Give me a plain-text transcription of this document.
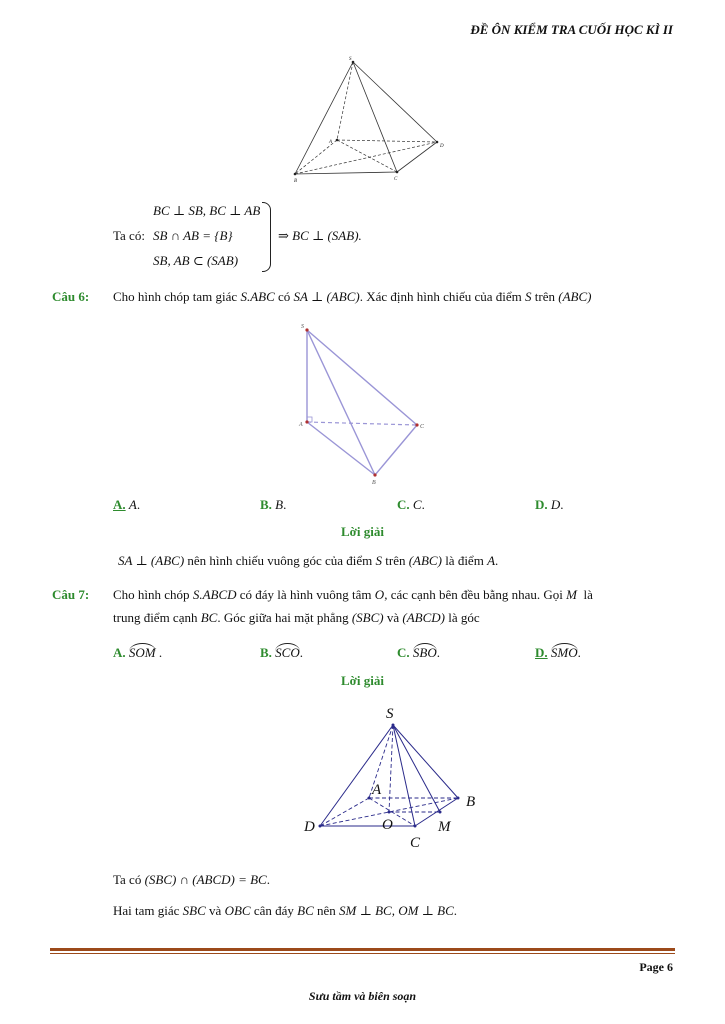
ĐỀ ÔN KIỂM TRA CUỐI HỌC KÌ II
S
A
D
B	C
Ta có:
BC ⊥ SB, BC ⊥ AB
SB ∩ AB = {B}
SB, AB ⊂ (SAB)
⇒ BC ⊥ (SAB).
Câu 6: Cho hình chóp tam giác S.ABC có SA ⊥ (ABC). Xác định hình chiếu của điểm S trên (ABC)
S
A	C
B
A. A.	B. B.	C. C.	D. D.
Lời giải
SA ⊥ (ABC) nên hình chiếu vuông góc của điểm S trên (ABC) là điểm A.
Câu 7: Cho hình chóp S.ABCD có đáy là hình vuông tâm O, các cạnh bên đều bằng nhau. Gọi M là
trung điểm cạnh BC. Góc giữa hai mặt phẳng (SBC) và (ABCD) là góc
A. SOM .	B. SCO.	C. SBO.	D. SMO.
Lời giải
S
A
B
D	O	M
C
Ta có (SBC) ∩ (ABCD) = BC.
Hai tam giác SBC và OBC cân đáy BC nên SM ⊥ BC, OM ⊥ BC.
Page 6
Sưu tầm và biên soạn
